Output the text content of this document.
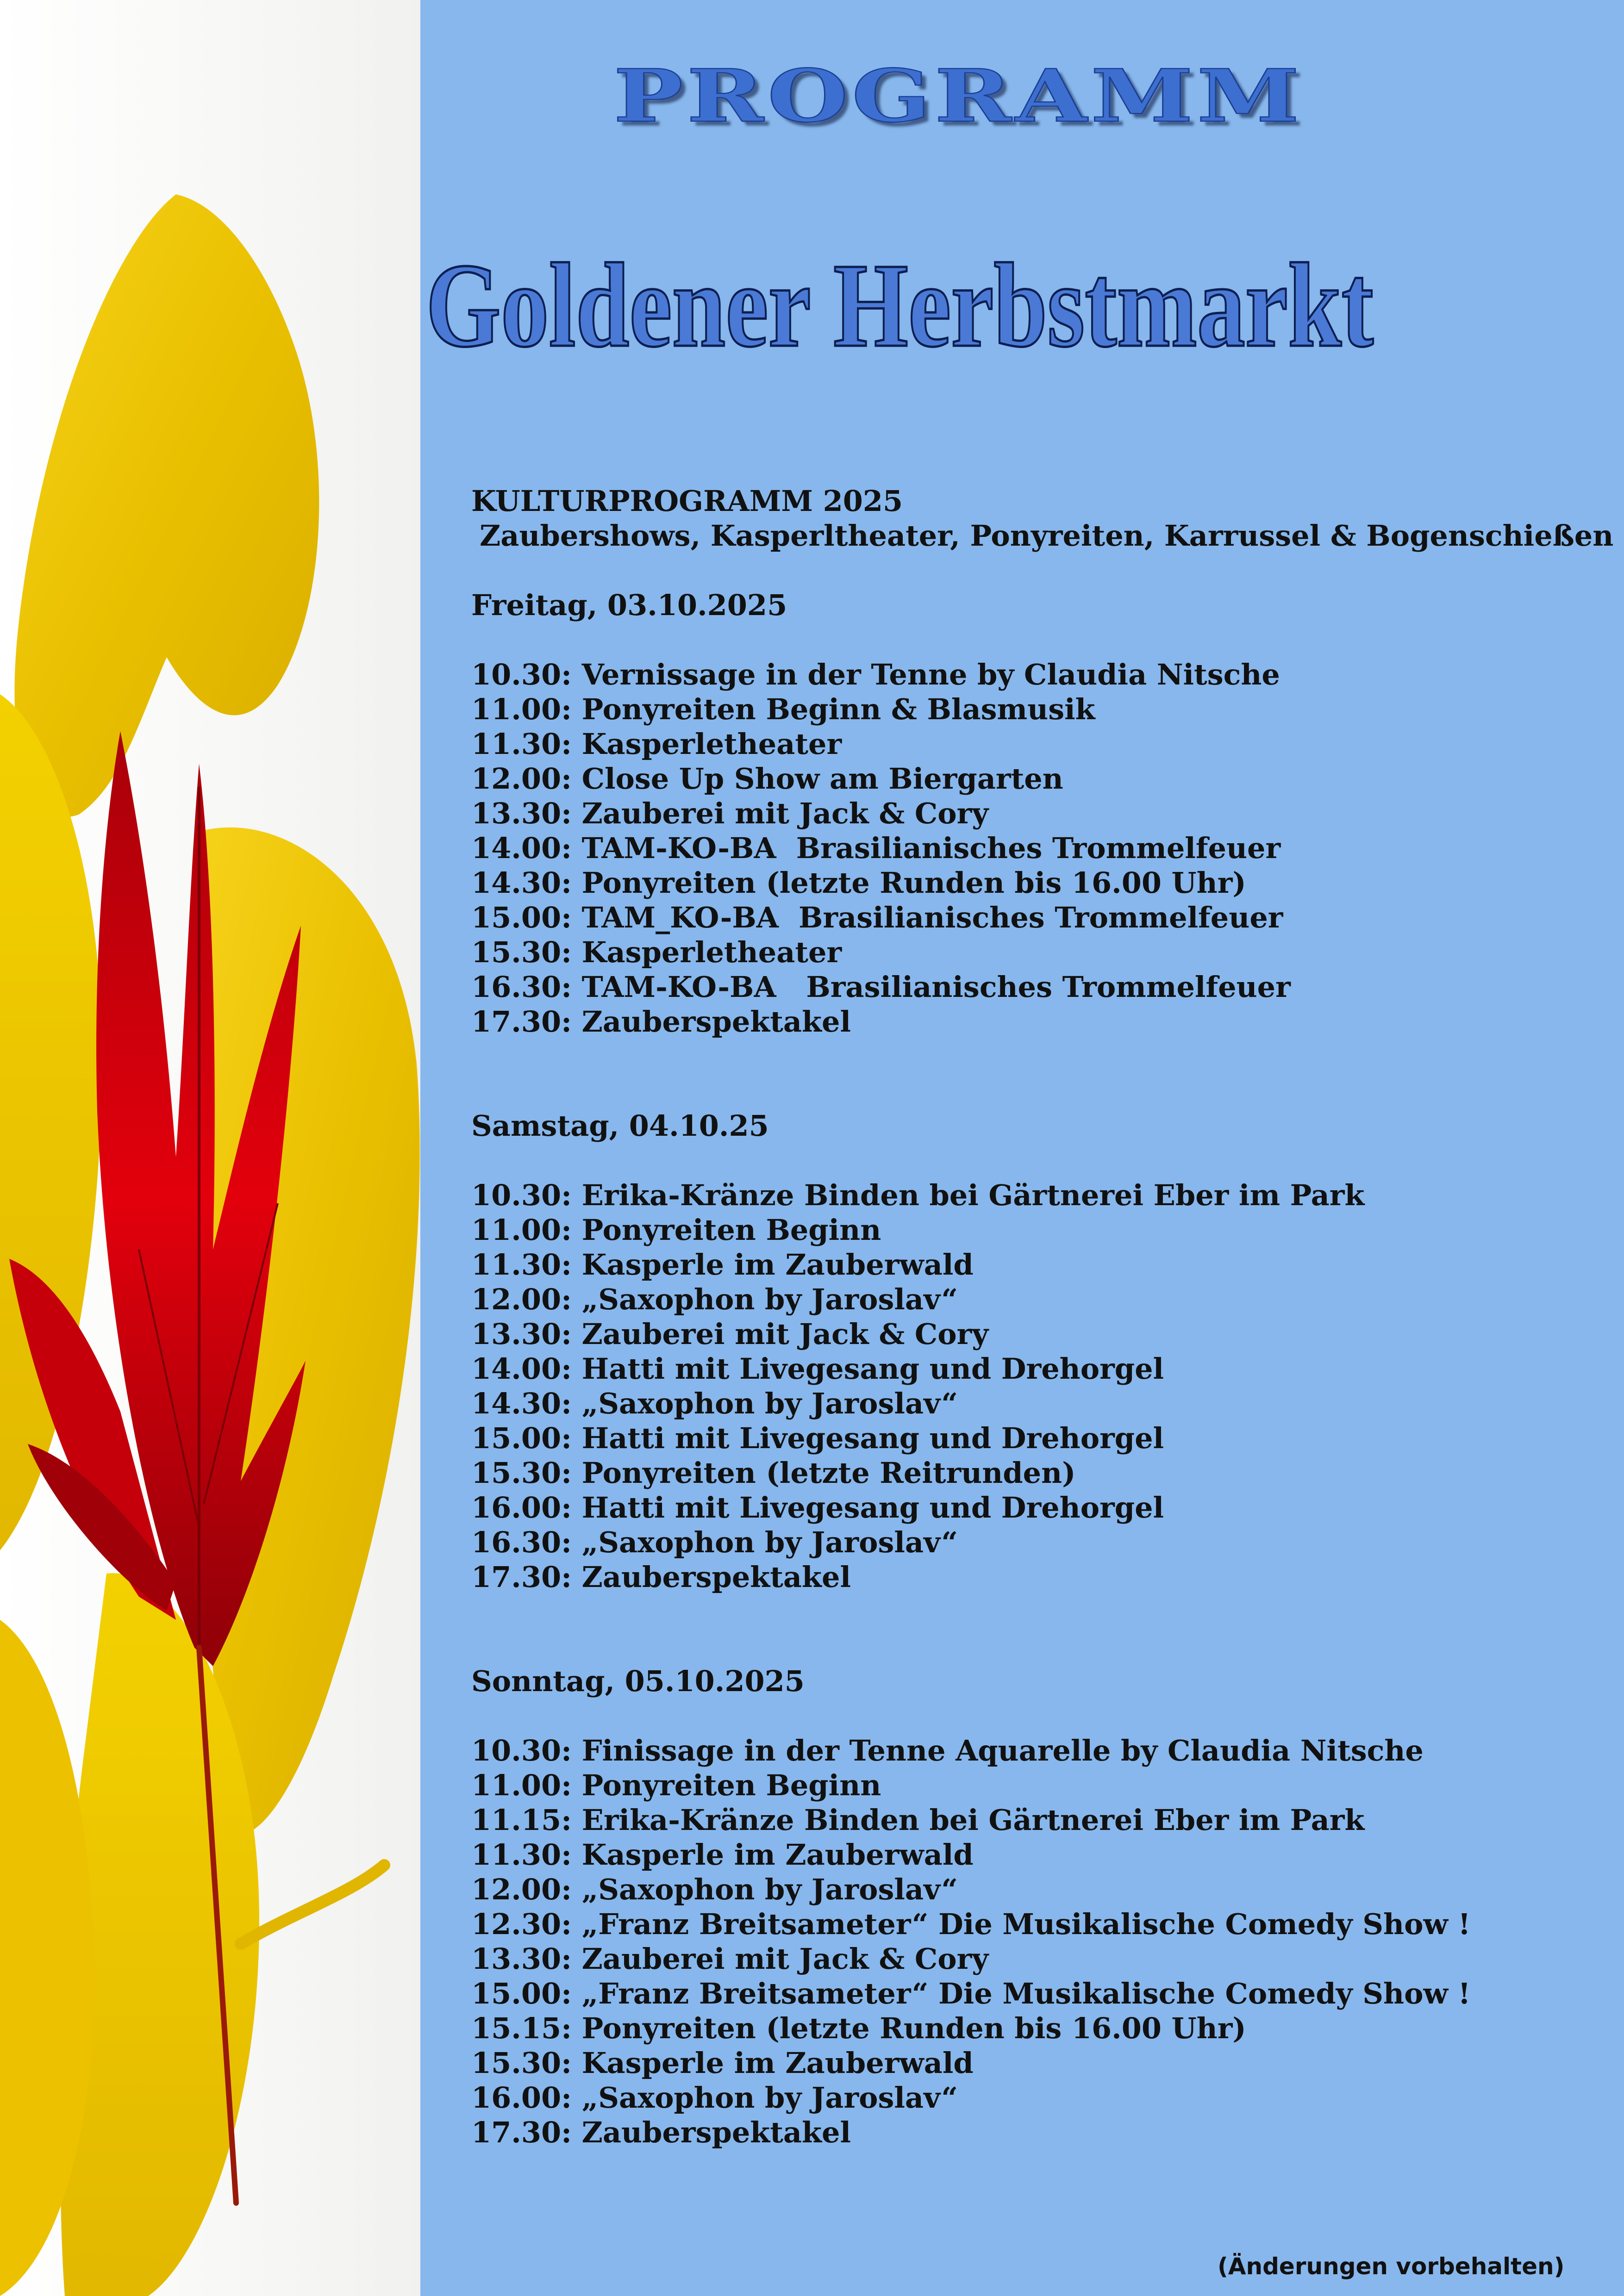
PROGRAMM
Goldener Herbstmarkt
KULTURPROGRAMM 2025
Zaubershows, Kasperltheater, Ponyreiten, Karrussel & Bogenschießen
Freitag, 03.10.2025
10.30: Vernissage in der Tenne by Claudia Nitsche
11.00: Ponyreiten Beginn & Blasmusik
11.30: Kasperletheater
12.00: Close Up Show am Biergarten
13.30: Zauberei mit Jack & Cory
14.00: TAM-KO-BA  Brasilianisches Trommelfeuer
14.30: Ponyreiten (letzte Runden bis 16.00 Uhr)
15.00: TAM_KO-BA  Brasilianisches Trommelfeuer
15.30: Kasperletheater
16.30: TAM-KO-BA   Brasilianisches Trommelfeuer
17.30: Zauberspektakel
Samstag, 04.10.25
10.30: Erika-Kränze Binden bei Gärtnerei Eber im Park
11.00: Ponyreiten Beginn
11.30: Kasperle im Zauberwald
12.00: „Saxophon by Jaroslav“
13.30: Zauberei mit Jack & Cory
14.00: Hatti mit Livegesang und Drehorgel
14.30: „Saxophon by Jaroslav“
15.00: Hatti mit Livegesang und Drehorgel
15.30: Ponyreiten (letzte Reitrunden)
16.00: Hatti mit Livegesang und Drehorgel
16.30: „Saxophon by Jaroslav“
17.30: Zauberspektakel
Sonntag, 05.10.2025
10.30: Finissage in der Tenne Aquarelle by Claudia Nitsche
11.00: Ponyreiten Beginn
11.15: Erika-Kränze Binden bei Gärtnerei Eber im Park
11.30: Kasperle im Zauberwald
12.00: „Saxophon by Jaroslav“
12.30: „Franz Breitsameter“ Die Musikalische Comedy Show !
13.30: Zauberei mit Jack & Cory
15.00: „Franz Breitsameter“ Die Musikalische Comedy Show !
15.15: Ponyreiten (letzte Runden bis 16.00 Uhr)
15.30: Kasperle im Zauberwald
16.00: „Saxophon by Jaroslav“
17.30: Zauberspektakel
(Änderungen vorbehalten)
